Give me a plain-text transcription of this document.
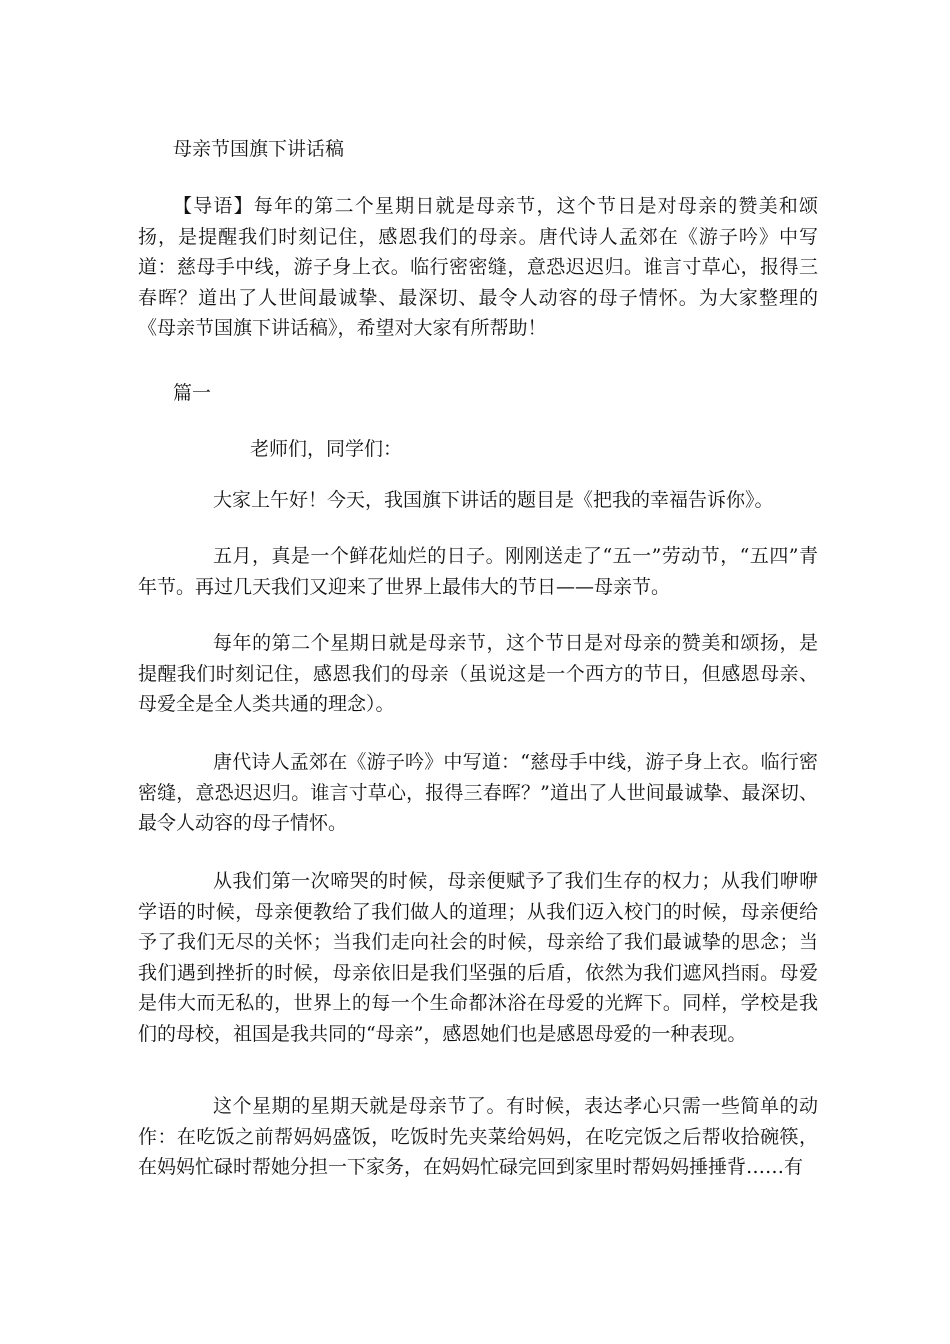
母亲节国旗下讲话稿

【导语】每年的第二个星期日就是母亲节，这个节日是对母亲的赞美和颂扬，是提醒我们时刻记住，感恩我们的母亲。唐代诗人孟郊在《游子吟》中写道：慈母手中线，游子身上衣。临行密密缝，意恐迟迟归。谁言寸草心，报得三春晖？道出了人世间最诚挚、最深切、最令人动容的母子情怀。为大家整理的《母亲节国旗下讲话稿》，希望对大家有所帮助！

篇一
老师们，同学们：

大家上午好！今天，我国旗下讲话的题目是《把我的幸福告诉你》。

五月，真是一个鲜花灿烂的日子。刚刚送走了“五一”劳动节，“五四”青年节。再过几天我们又迎来了世界上最伟大的节日——母亲节。

每年的第二个星期日就是母亲节，这个节日是对母亲的赞美和颂扬，是提醒我们时刻记住，感恩我们的母亲（虽说这是一个西方的节日，但感恩母亲、母爱全是全人类共通的理念）。

唐代诗人孟郊在《游子吟》中写道：“慈母手中线，游子身上衣。临行密密缝，意恐迟迟归。谁言寸草心，报得三春晖？”道出了人世间最诚挚、最深切、最令人动容的母子情怀。

从我们第一次啼哭的时候，母亲便赋予了我们生存的权力；从我们咿咿学语的时候，母亲便教给了我们做人的道理；从我们迈入校门的时候，母亲便给予了我们无尽的关怀；当我们走向社会的时候，母亲给了我们最诚挚的思念；当我们遇到挫折的时候，母亲依旧是我们坚强的后盾，依然为我们遮风挡雨。母爱是伟大而无私的，世界上的每一个生命都沐浴在母爱的光辉下。同样，学校是我们的母校，祖国是我共同的“母亲”，感恩她们也是感恩母爱的一种表现。

这个星期的星期天就是母亲节了。有时候，表达孝心只需一些简单的动作：在吃饭之前帮妈妈盛饭，吃饭时先夹菜给妈妈，在吃完饭之后帮收拾碗筷，在妈妈忙碌时帮她分担一下家务，在妈妈忙碌完回到家里时帮妈妈捶捶背……有
